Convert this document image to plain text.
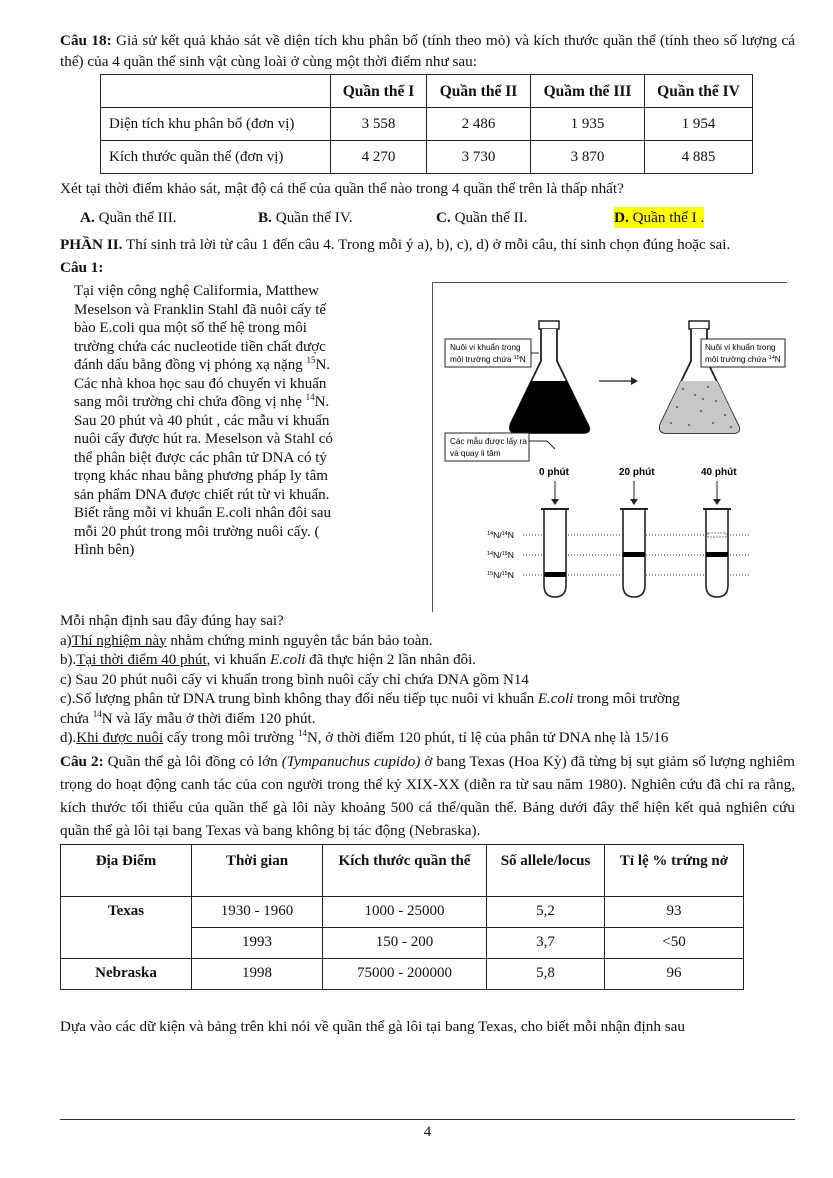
Câu 18: Giả sử kết quả khảo sát về diện tích khu phân bố (tính theo mỏ) và kích thước quần thể (tính theo số lượng cá thể) của 4 quần thể sinh vật cùng loài ở cùng một thời điểm như sau:
	Quần thể I	Quần thể II	Quầm thể III	Quần thể IV
Diện tích khu phân bố (đơn vị)	3 558	2 486	1 935	1 954
Kích thước quần thể (đơn vị)	4 270	3 730	3 870	4 885
Xét tại thời điểm khảo sát, mật độ cá thể của quần thể nào trong 4 quần thể trên là thấp nhất?
A. Quần thể III.	B. Quần thể IV.	C. Quần thể II.	D. Quần thể I .
PHẦN II. Thí sinh trả lời từ câu 1 đến câu 4. Trong mỗi ý a), b), c), d) ở mỗi câu, thí sinh chọn đúng hoặc sai.
Câu 1:
Tại viện công nghệ Califormia, Matthew
Meselson và Franklin Stahl đã nuôi cấy tế
bào E.coli qua một số thế hệ trong môi
trường chứa các nucleotide tiền chất được
đánh dấu bằng đồng vị phóng xạ nặng $^{15}$N.
Các nhà khoa học sau đó chuyển vi khuẩn
sang môi trường chỉ chứa đồng vị nhẹ $^{14}$N.
Sau 20 phút và 40 phút , các mẫu vi khuẩn
nuôi cấy được hút ra. Meselson và Stahl có
thể phân biệt được các phân tử DNA có tỷ
trọng khác nhau bằng phương pháp ly tâm
sản phẩm DNA được chiết rút từ vi khuẩn.
Biết rằng mỗi vi khuẩn E.coli nhân đôi sau
mỗi 20 phút trong môi trường nuôi cấy. (
Hình bên)
Nuôi vi khuẩn trong
môi trường chứa $^{15}$N
Nuôi vi khuẩn trong
môi trường chứa $^{14}$N
Các mẫu được lấy ra
và quay li tâm
0 phút	20 phút	40 phút
$^{14}$N/$^{14}$N
$^{14}$N/$^{15}$N
$^{15}$N/$^{15}$N
Mỗi nhận định sau đây đúng hay sai?
a)Thí nghiệm này nhằm chứng minh nguyên tắc bán bảo toàn.
b).Tại thời điểm 40 phút, vi khuẩn E.coli đã thực hiện 2 lần nhân đôi.
c) Sau 20 phút nuôi cấy vi khuẩn trong bình nuôi cấy chỉ chứa DNA gồm N14
c).Số lượng phân tử DNA trung bình không thay đổi nếu tiếp tục nuôi vi khuẩn E.coli trong môi trường
chứa $^{14}$N và lấy mẫu ở thời điểm 120 phút.
d).Khi được nuôi cấy trong môi trường $^{14}$N, ở thời điểm 120 phút, tỉ lệ của phân tử DNA nhẹ là 15/16
Câu 2: Quần thể gà lôi đồng cỏ lớn (Tympanuchus cupido) ở bang Texas (Hoa Kỳ) đã từng bị sụt giảm số lượng nghiêm trọng do hoạt động canh tác của con người trong thế kỷ XIX-XX (diễn ra từ sau năm 1980). Nghiên cứu đã chỉ ra rằng, kích thước tối thiểu của quần thể gà lôi này khoảng 500 cá thể/quần thể. Bảng dưới đây thể hiện kết quả nghiên cứu quần thể gà lôi tại bang Texas và bang không bị tác động (Nebraska).
Địa Điểm	Thời gian	Kích thước quần thể	Số allele/locus	Tỉ lệ % trứng nở
Texas	1930 - 1960	1000 - 25000	5,2	93
	1993	150 - 200	3,7	<50
Nebraska	1998	75000 - 200000	5,8	96
Dựa vào các dữ kiện và bảng trên khi nói về quần thể gà lôi tại bang Texas, cho biết mỗi nhận định sau
4
